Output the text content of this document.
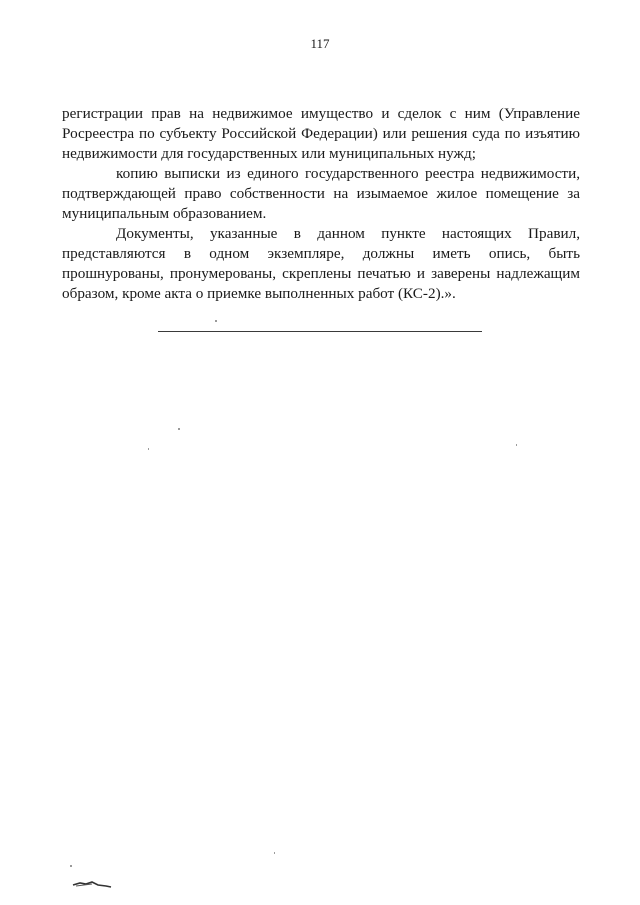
117

регистрации прав на недвижимое имущество и сделок с ним (Управление Росреестра по субъекту Российской Федерации) или решения суда по изъятию недвижимости для государственных или муниципальных нужд;

копию выписки из единого государственного реестра недвижимости, подтверждающей право собственности на изымаемое жилое помещение за муниципальным образованием.

Документы, указанные в данном пункте настоящих Правил, представляются в одном экземпляре, должны иметь опись, быть прошнурованы, пронумерованы, скреплены печатью и заверены надлежащим образом, кроме акта о приемке выполненных работ (КС-2).».
